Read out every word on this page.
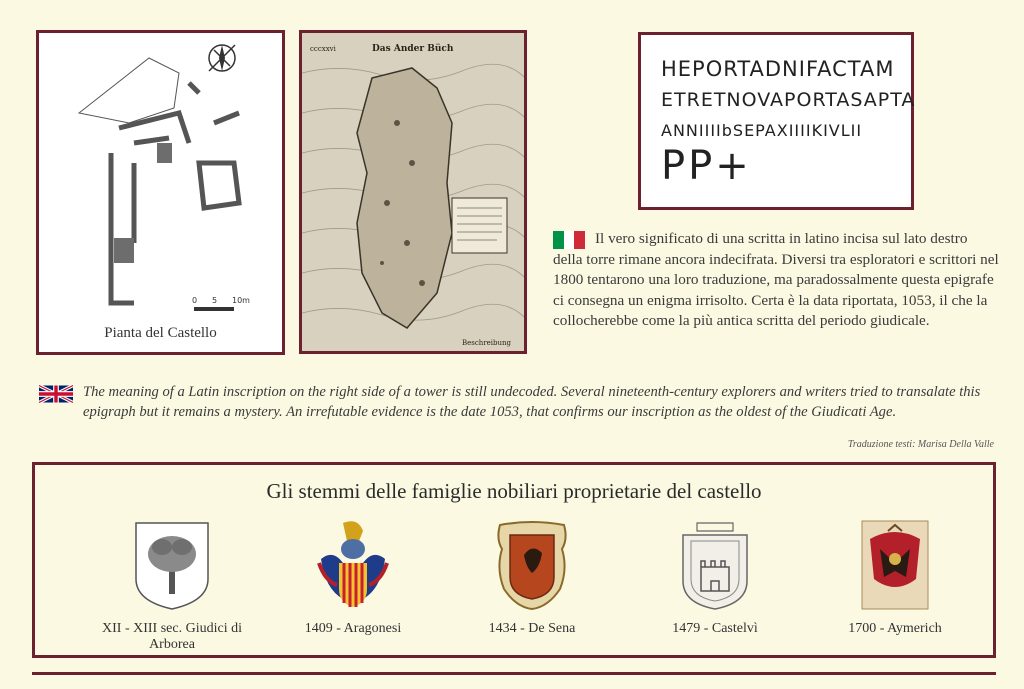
0 5 10m
Pianta del Castello
Das Ander Büch
cccxxvi
Beschreibung
HEPORTADNIFACTAM
ETRETNOVAPORTASAPTA
ANNIIIIbSEPAXIIIIKIVLII
PP+
Il vero significato di una scritta in latino incisa sul lato destro della torre rimane ancora indecifrata. Diversi tra esploratori e scrittori nel 1800 tentarono una loro traduzione, ma paradossalmente questa epigrafe ci consegna un enigma irrisolto. Certa è la data riportata, 1053, il che la collocherebbe come la più antica scritta del periodo giudicale.
The meaning of a Latin inscription on the right side of a tower is still undecoded. Several nineteenth-century explorers and writers tried to transalate this epigraph but it remains a mystery. An irrefutable evidence is the date 1053, that confirms our inscription as the oldest of the Giudicati Age.
Traduzione testi: Marisa Della Valle
Gli stemmi delle famiglie nobiliari proprietarie del castello
XII - XIII sec. Giudici di Arborea
1409 - Aragonesi	1434 - De Sena	1479 - Castelvì	1700 - Aymerich
